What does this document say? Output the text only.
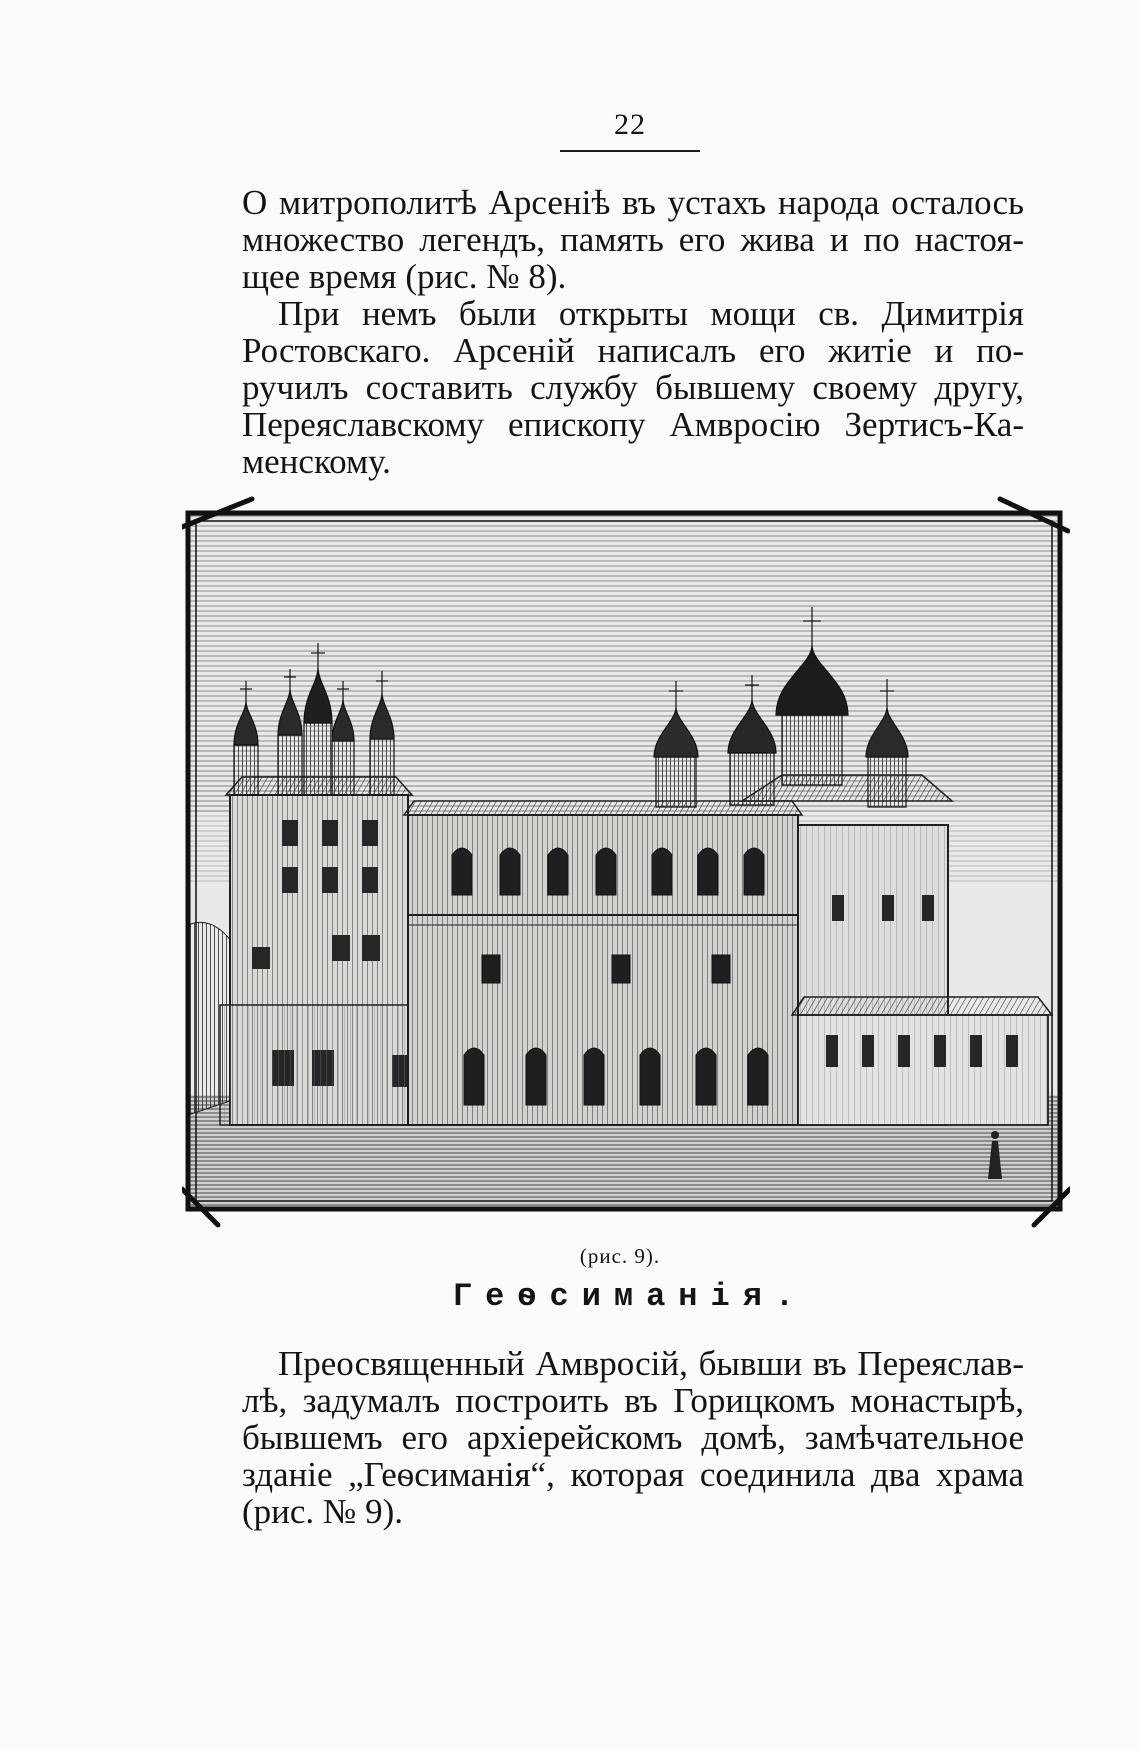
22
О митрополитѣ Арсеніѣ въ устахъ народа осталось
множество легендъ, память его жива и по настоя-
щее время (рис. № 8).
При немъ были открыты мощи св. Димитрія
Ростовскаго. Арсеній написалъ его житіе и по-
ручилъ составить службу бывшему своему другу,
Переяславскому епископу Амвросію Зертисъ-Ка-
менскому.
(рис. 9).
Геѳсиманія.
Преосвященный Амвросій, бывши въ Переяслав-
лѣ, задумалъ построить въ Горицкомъ монастырѣ,
бывшемъ его архіерейскомъ домѣ, замѣчательное
зданіе „Геѳсиманія“, которая соединила два храма
(рис. № 9).
